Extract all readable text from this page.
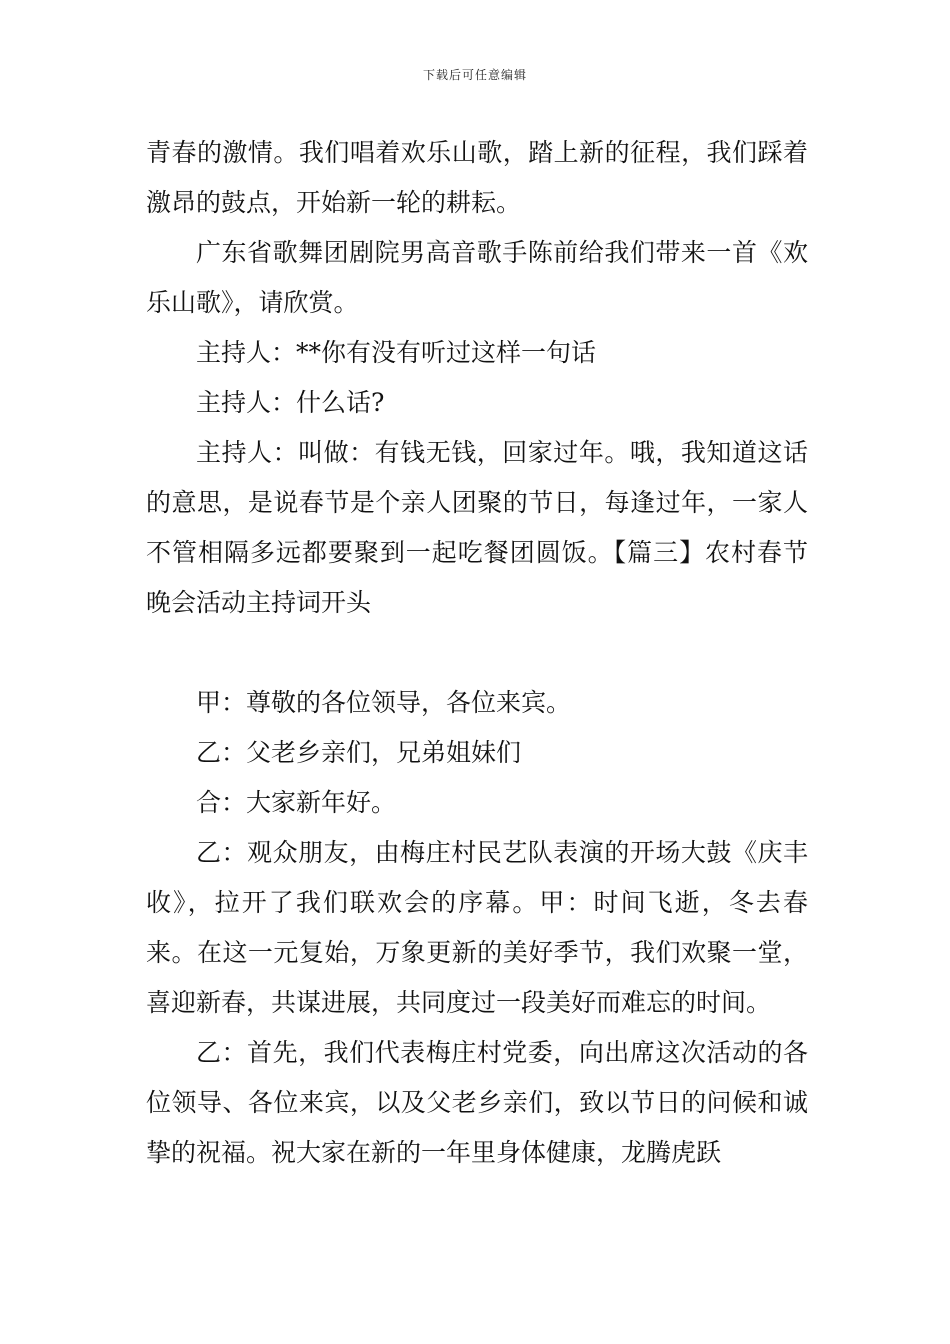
下载后可任意编辑

青春的激情。我们唱着欢乐山歌，踏上新的征程，我们踩着激昂的鼓点，开始新一轮的耕耘。

广东省歌舞团剧院男高音歌手陈前给我们带来一首《欢乐山歌》，请欣赏。

主持人：**你有没有听过这样一句话

主持人：什么话?

主持人：叫做：有钱无钱，回家过年。哦，我知道这话的意思，是说春节是个亲人团聚的节日，每逢过年，一家人不管相隔多远都要聚到一起吃餐团圆饭。【篇三】农村春节晚会活动主持词开头

甲：尊敬的各位领导，各位来宾。

乙：父老乡亲们，兄弟姐妹们

合：大家新年好。

乙：观众朋友，由梅庄村民艺队表演的开场大鼓《庆丰收》，拉开了我们联欢会的序幕。甲：时间飞逝，冬去春来。在这一元复始，万象更新的美好季节，我们欢聚一堂，喜迎新春，共谋进展，共同度过一段美好而难忘的时间。

乙：首先，我们代表梅庄村党委，向出席这次活动的各位领导、各位来宾，以及父老乡亲们，致以节日的问候和诚挚的祝福。祝大家在新的一年里身体健康，龙腾虎跃
